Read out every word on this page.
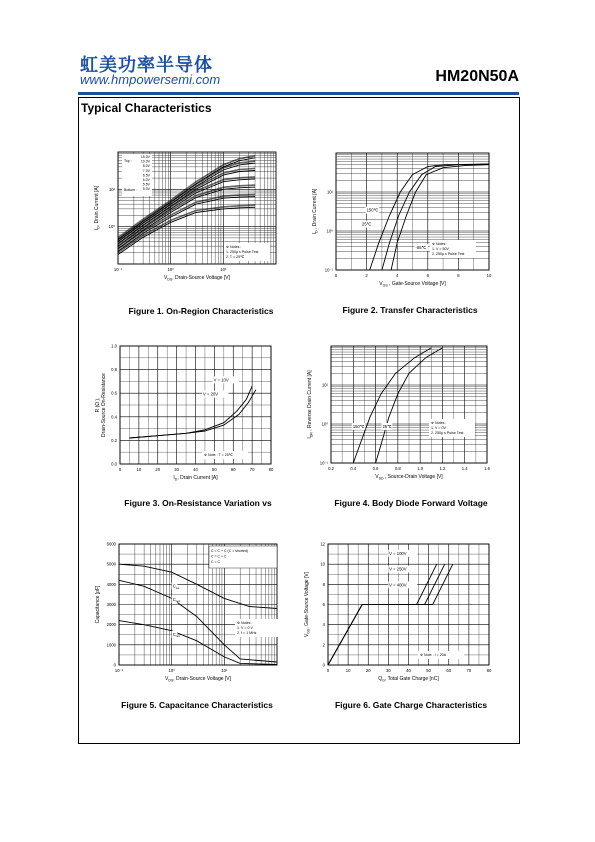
虹美功率半导体
www.hmpowersemi.com	HM20N50A
Typical Characteristics
10⁻¹	10⁰	10¹
10⁰
10¹
$V_{DS}$, Drain-Source Voltage [V]
$I_D$, Drain Current [A]
Top :
15.0V
10.0V
8.0V
7.0V
6.5V
6.0V
5.5V
5.0V
Bottom :
※ Notes :
1. 250μ s Pulse Test
2. T = 25℃
Figure 1. On-Region Characteristics
0	2	4	6	8	10
10⁻¹
10⁰
10¹
$V_{GS}$ , Gate-Source Voltage [V]
$I_D$ , Drain Current [A]	150℃
25℃
-55℃
※ Notes :
1. V = 50V
2. 250μ s Pulse Test
Figure 2. Transfer Characteristics
0	10	20	30	40	50	60	70	80
0.0
0.2
0.4
0.6
0.8
1.0
$I_D$, Drain Current [A]
R (Ω ), Drain-Source On-Resistance	V = 10V
V = 20V
※ Note : T = 25℃
Figure 3. On-Resistance Variation vs
0.2	0.4	0.6	0.8	1.0	1.2	1.4	1.6
10⁻¹
10⁰
10¹
$V_{SD}$ , Source-Drain Voltage [V]
$I_{DR}$ , Reverse Drain Current [A]	150℃	25℃
※ Notes :
1. V = 0V
2. 250μ s Pulse Test
Figure 4. Body Diode Forward Voltage
10⁻¹	10⁰	10¹
0
1000
2000
3000
4000
5000
6000
$V_{DS}$, Drain-Source Voltage [V]
Capacitance [pF]	$C_{iss}$
$C_{oss}$
$C_{rss}$
C = C + C (C = shorted)
C = C + C
C = C
※ Notes :
1. V = 0 V
2. f = 1 MHz
Figure 5. Capacitance Characteristics
0	10	20	30	40	50	60	70	80
0
2
4
6
8
10
12
$Q_G$, Total Gate Charge [nC]
$V_{GS}$, Gate-Source Voltage [V]
V = 100V
V = 250V
V = 400V
※ Note : I = 20A
Figure 6. Gate Charge Characteristics
